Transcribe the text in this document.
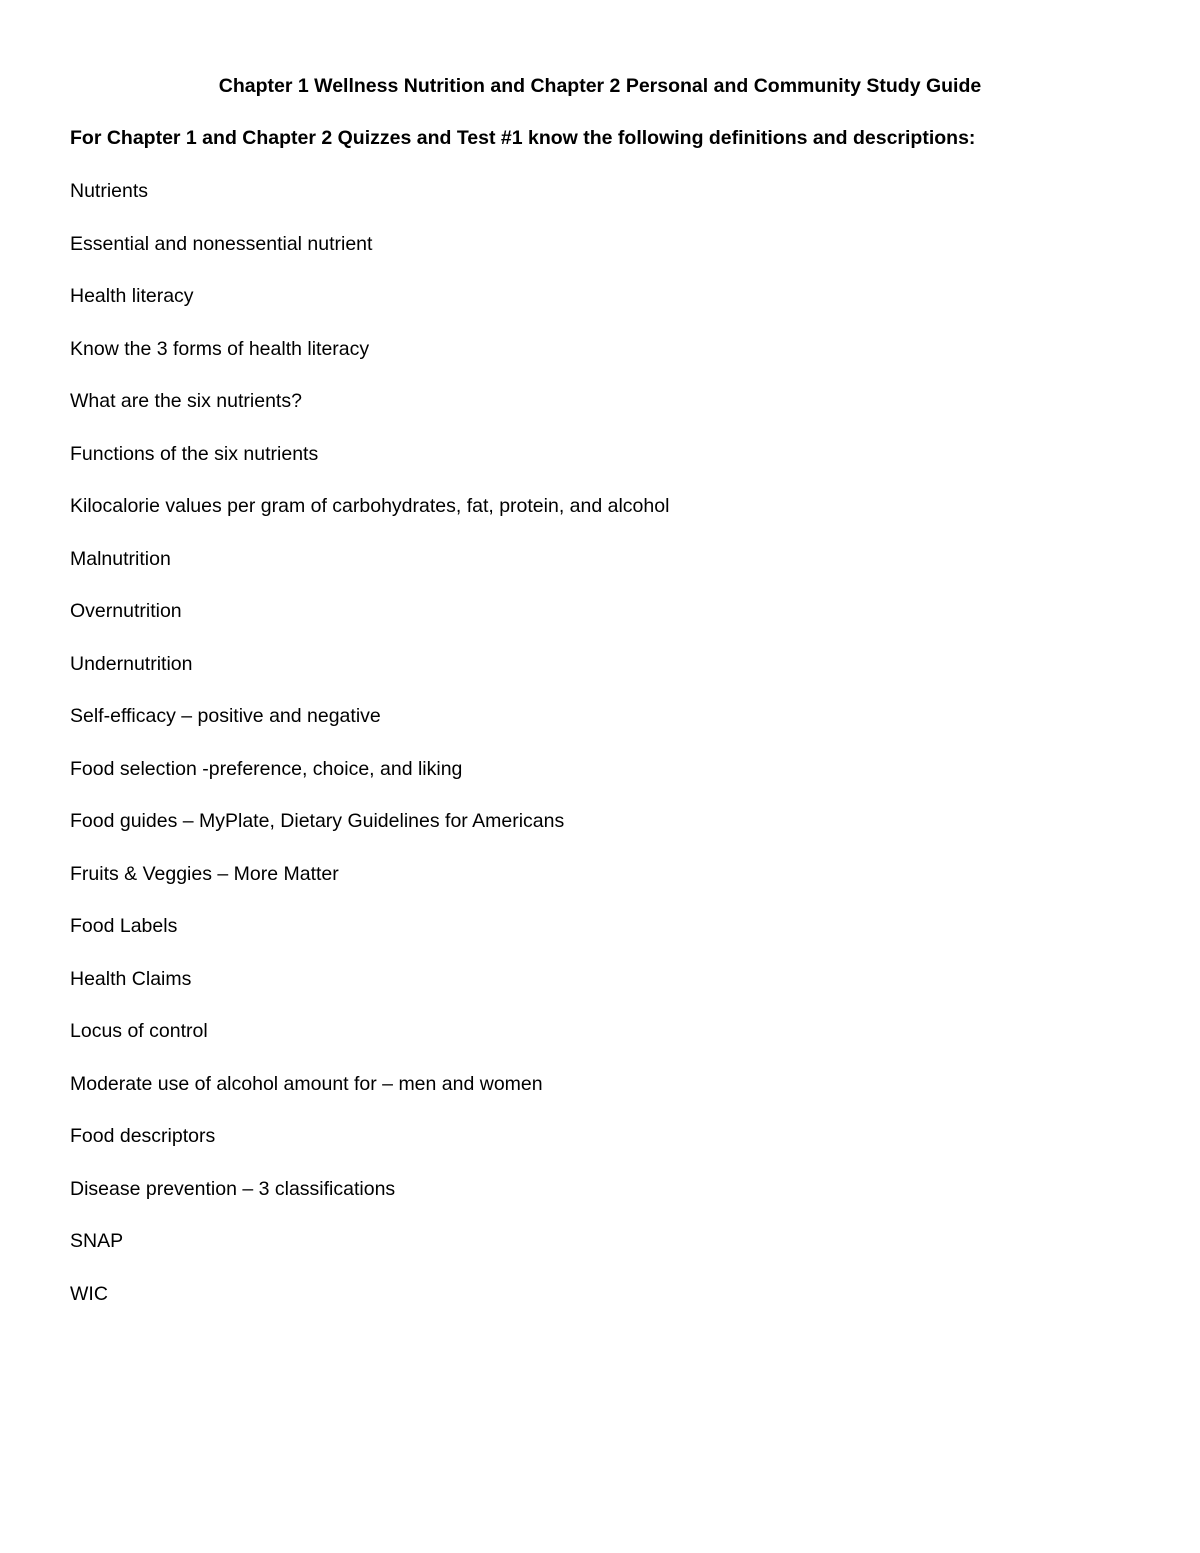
Chapter 1 Wellness Nutrition and Chapter 2 Personal and Community Study Guide
For Chapter 1 and Chapter 2 Quizzes and Test #1 know the following definitions and descriptions:
Nutrients
Essential and nonessential nutrient
Health literacy
Know the 3 forms of health literacy
What are the six nutrients?
Functions of the six nutrients
Kilocalorie values per gram of carbohydrates, fat, protein, and alcohol
Malnutrition
Overnutrition
Undernutrition
Self-efficacy – positive and negative
Food selection -preference, choice, and liking
Food guides – MyPlate, Dietary Guidelines for Americans
Fruits & Veggies – More Matter
Food Labels
Health Claims
Locus of control
Moderate use of alcohol amount for – men and women
Food descriptors
Disease prevention – 3 classifications
SNAP
WIC
